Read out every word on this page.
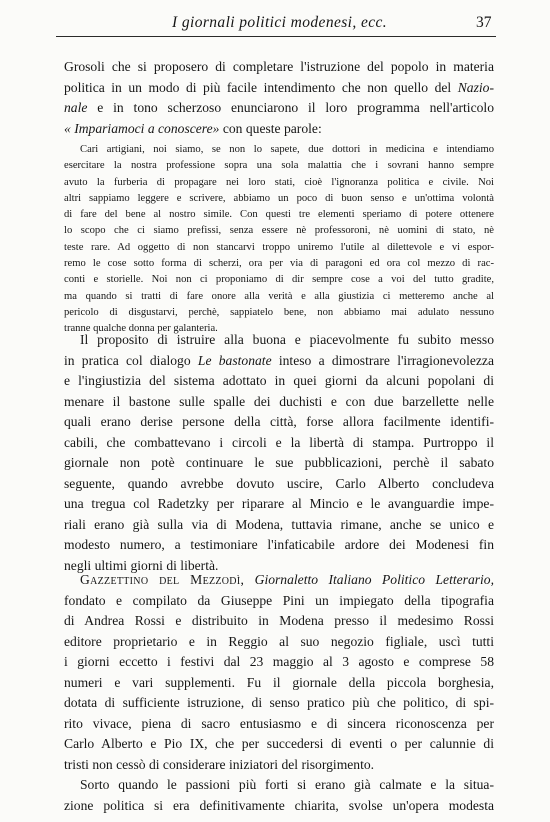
I giornali politici modenesi, ecc.	37
Grosoli che si proposero di completare l'istruzione del popolo in materia
politica in un modo di più facile intendimento che non quello del Nazio-
nale e in tono scherzoso enunciarono il loro programma nell'articolo
« Impariamoci a conoscere» con queste parole:
Cari artigiani, noi siamo, se non lo sapete, due dottori in medicina e intendiamo
esercitare la nostra professione sopra una sola malattia che i sovrani hanno sempre
avuto la furberia di propagare nei loro stati, cioè l'ignoranza politica e civile. Noi
altri sappiamo leggere e scrivere, abbiamo un poco di buon senso e un'ottima volontà
di fare del bene al nostro simile. Con questi tre elementi speriamo di potere ottenere
lo scopo che ci siamo prefissi, senza essere nè professoroni, nè uomini di stato, nè
teste rare. Ad oggetto di non stancarvi troppo uniremo l'utile al dilettevole e vi espor-
remo le cose sotto forma di scherzi, ora per via di paragoni ed ora col mezzo di rac-
conti e storielle. Noi non ci proponiamo di dir sempre cose a voi del tutto gradite,
ma quando si tratti di fare onore alla verità e alla giustizia ci metteremo anche al
pericolo di disgustarvi, perchè, sappiatelo bene, non abbiamo mai adulato nessuno
tranne qualche donna per galanteria.
Il proposito di istruire alla buona e piacevolmente fu subito messo
in pratica col dialogo Le bastonate inteso a dimostrare l'irragionevolezza
e l'ingiustizia del sistema adottato in quei giorni da alcuni popolani di
menare il bastone sulle spalle dei duchisti e con due barzellette nelle
quali erano derise persone della città, forse allora facilmente identifi-
cabili, che combattevano i circoli e la libertà di stampa. Purtroppo il
giornale non potè continuare le sue pubblicazioni, perchè il sabato
seguente, quando avrebbe dovuto uscire, Carlo Alberto concludeva
una tregua col Radetzky per riparare al Mincio e le avanguardie impe-
riali erano già sulla via di Modena, tuttavia rimane, anche se unico e
modesto numero, a testimoniare l'infaticabile ardore dei Modenesi fin
negli ultimi giorni di libertà.
Gazzettino del Mezzodì, Giornaletto Italiano Politico Letterario,
fondato e compilato da Giuseppe Pini un impiegato della tipografia
di Andrea Rossi e distribuito in Modena presso il medesimo Rossi
editore proprietario e in Reggio al suo negozio figliale, uscì tutti
i giorni eccetto i festivi dal 23 maggio al 3 agosto e comprese 58
numeri e vari supplementi. Fu il giornale della piccola borghesia,
dotata di sufficiente istruzione, di senso pratico più che politico, di spi-
rito vivace, piena di sacro entusiasmo e di sincera riconoscenza per
Carlo Alberto e Pio IX, che per succedersi di eventi o per calunnie di
tristi non cessò di considerare iniziatori del risorgimento.
Sorto quando le passioni più forti si erano già calmate e la situa-
zione politica si era definitivamente chiarita, svolse un'opera modesta
